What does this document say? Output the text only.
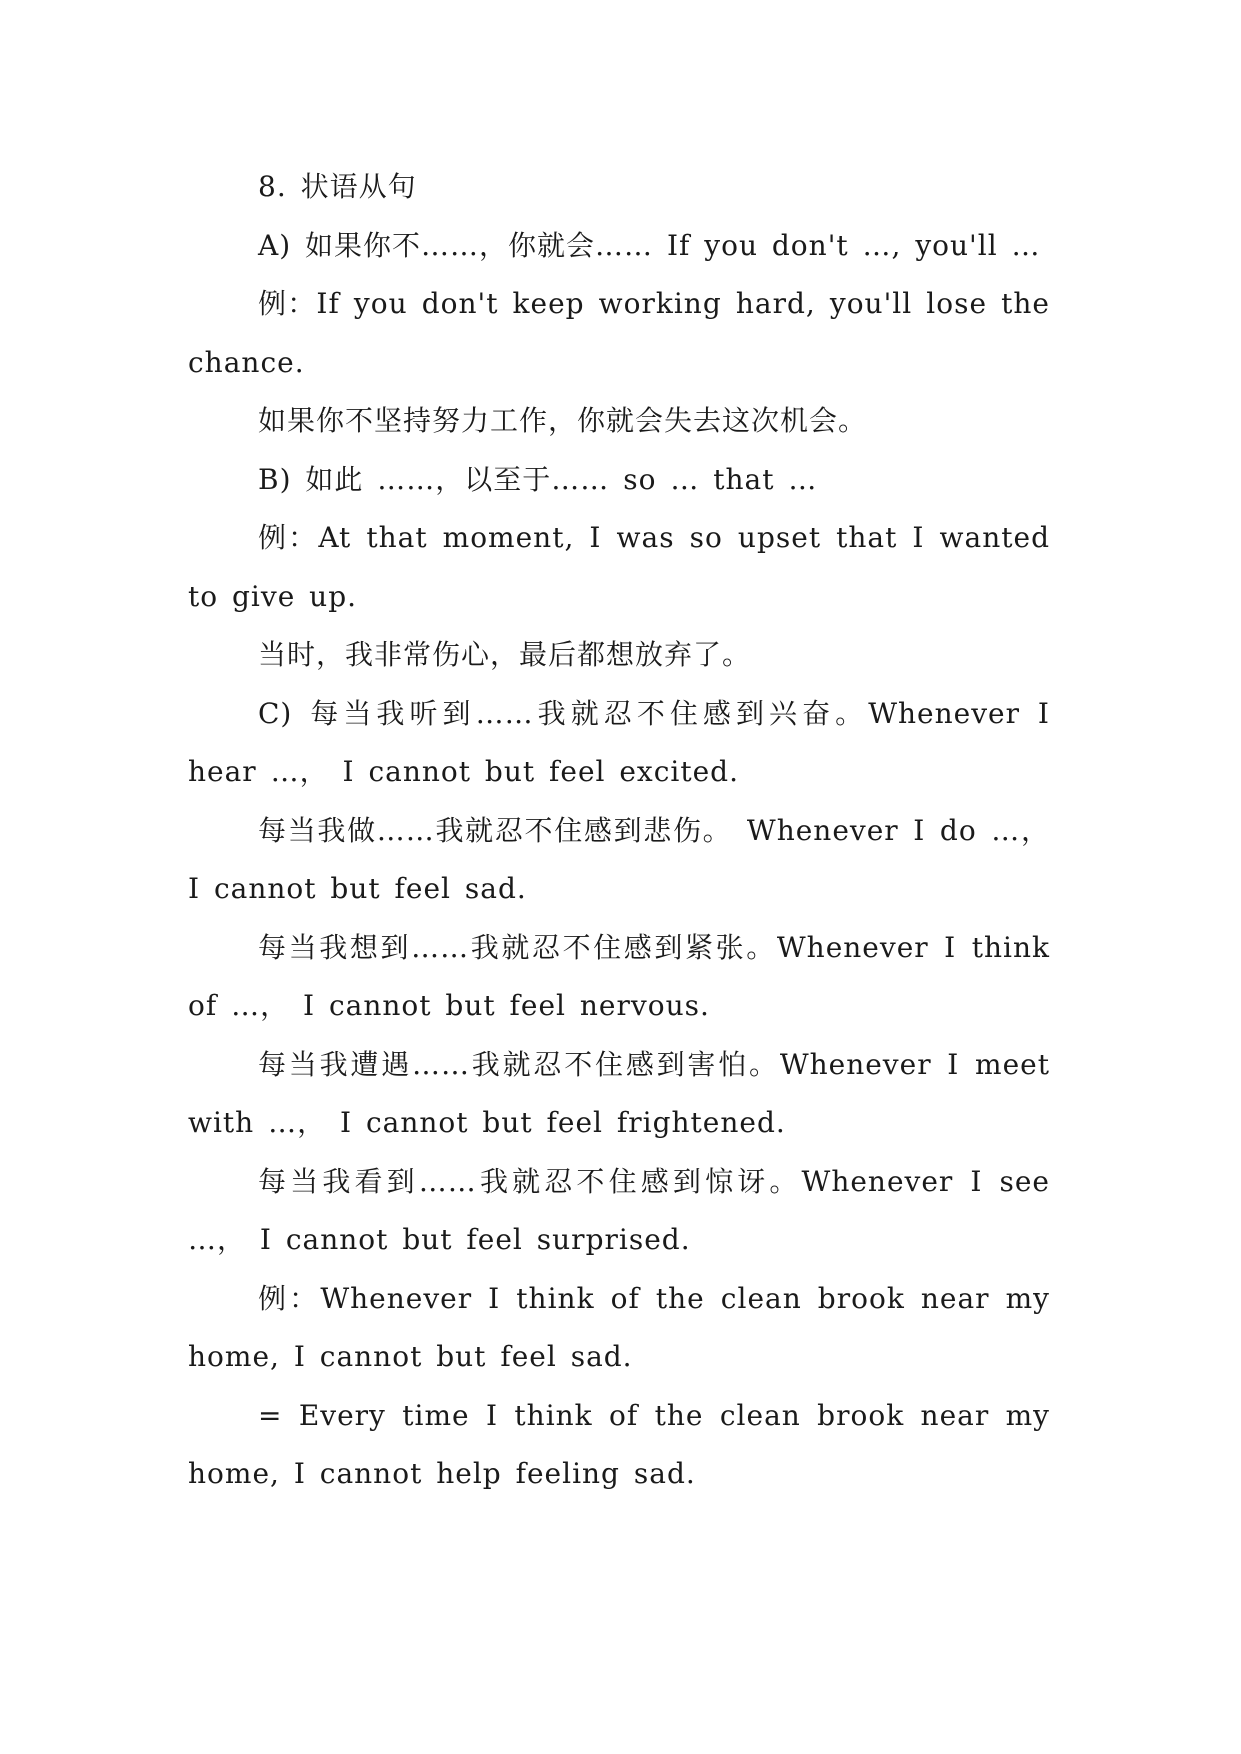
8. 状语从句

A) 如果你不……，你就会…… If you don't …, you'll …

例：If you don't keep working hard, you'll lose the chance.

如果你不坚持努力工作，你就会失去这次机会。

B) 如此 ……，以至于…… so … that …

例：At that moment, I was so upset that I wanted to give up.

当时，我非常伤心，最后都想放弃了。

C) 每当我听到……我就忍不住感到兴奋。Whenever I hear …， I cannot but feel excited.

每当我做……我就忍不住感到悲伤。 Whenever I do …， I cannot but feel sad.

每当我想到……我就忍不住感到紧张。Whenever I think of …， I cannot but feel nervous.

每当我遭遇……我就忍不住感到害怕。Whenever I meet with …， I cannot but feel frightened.

每当我看到……我就忍不住感到惊讶。Whenever I see …， I cannot but feel surprised.

例：Whenever I think of the clean brook near my home, I cannot but feel sad.

= Every time I think of the clean brook near my home, I cannot help feeling sad.
